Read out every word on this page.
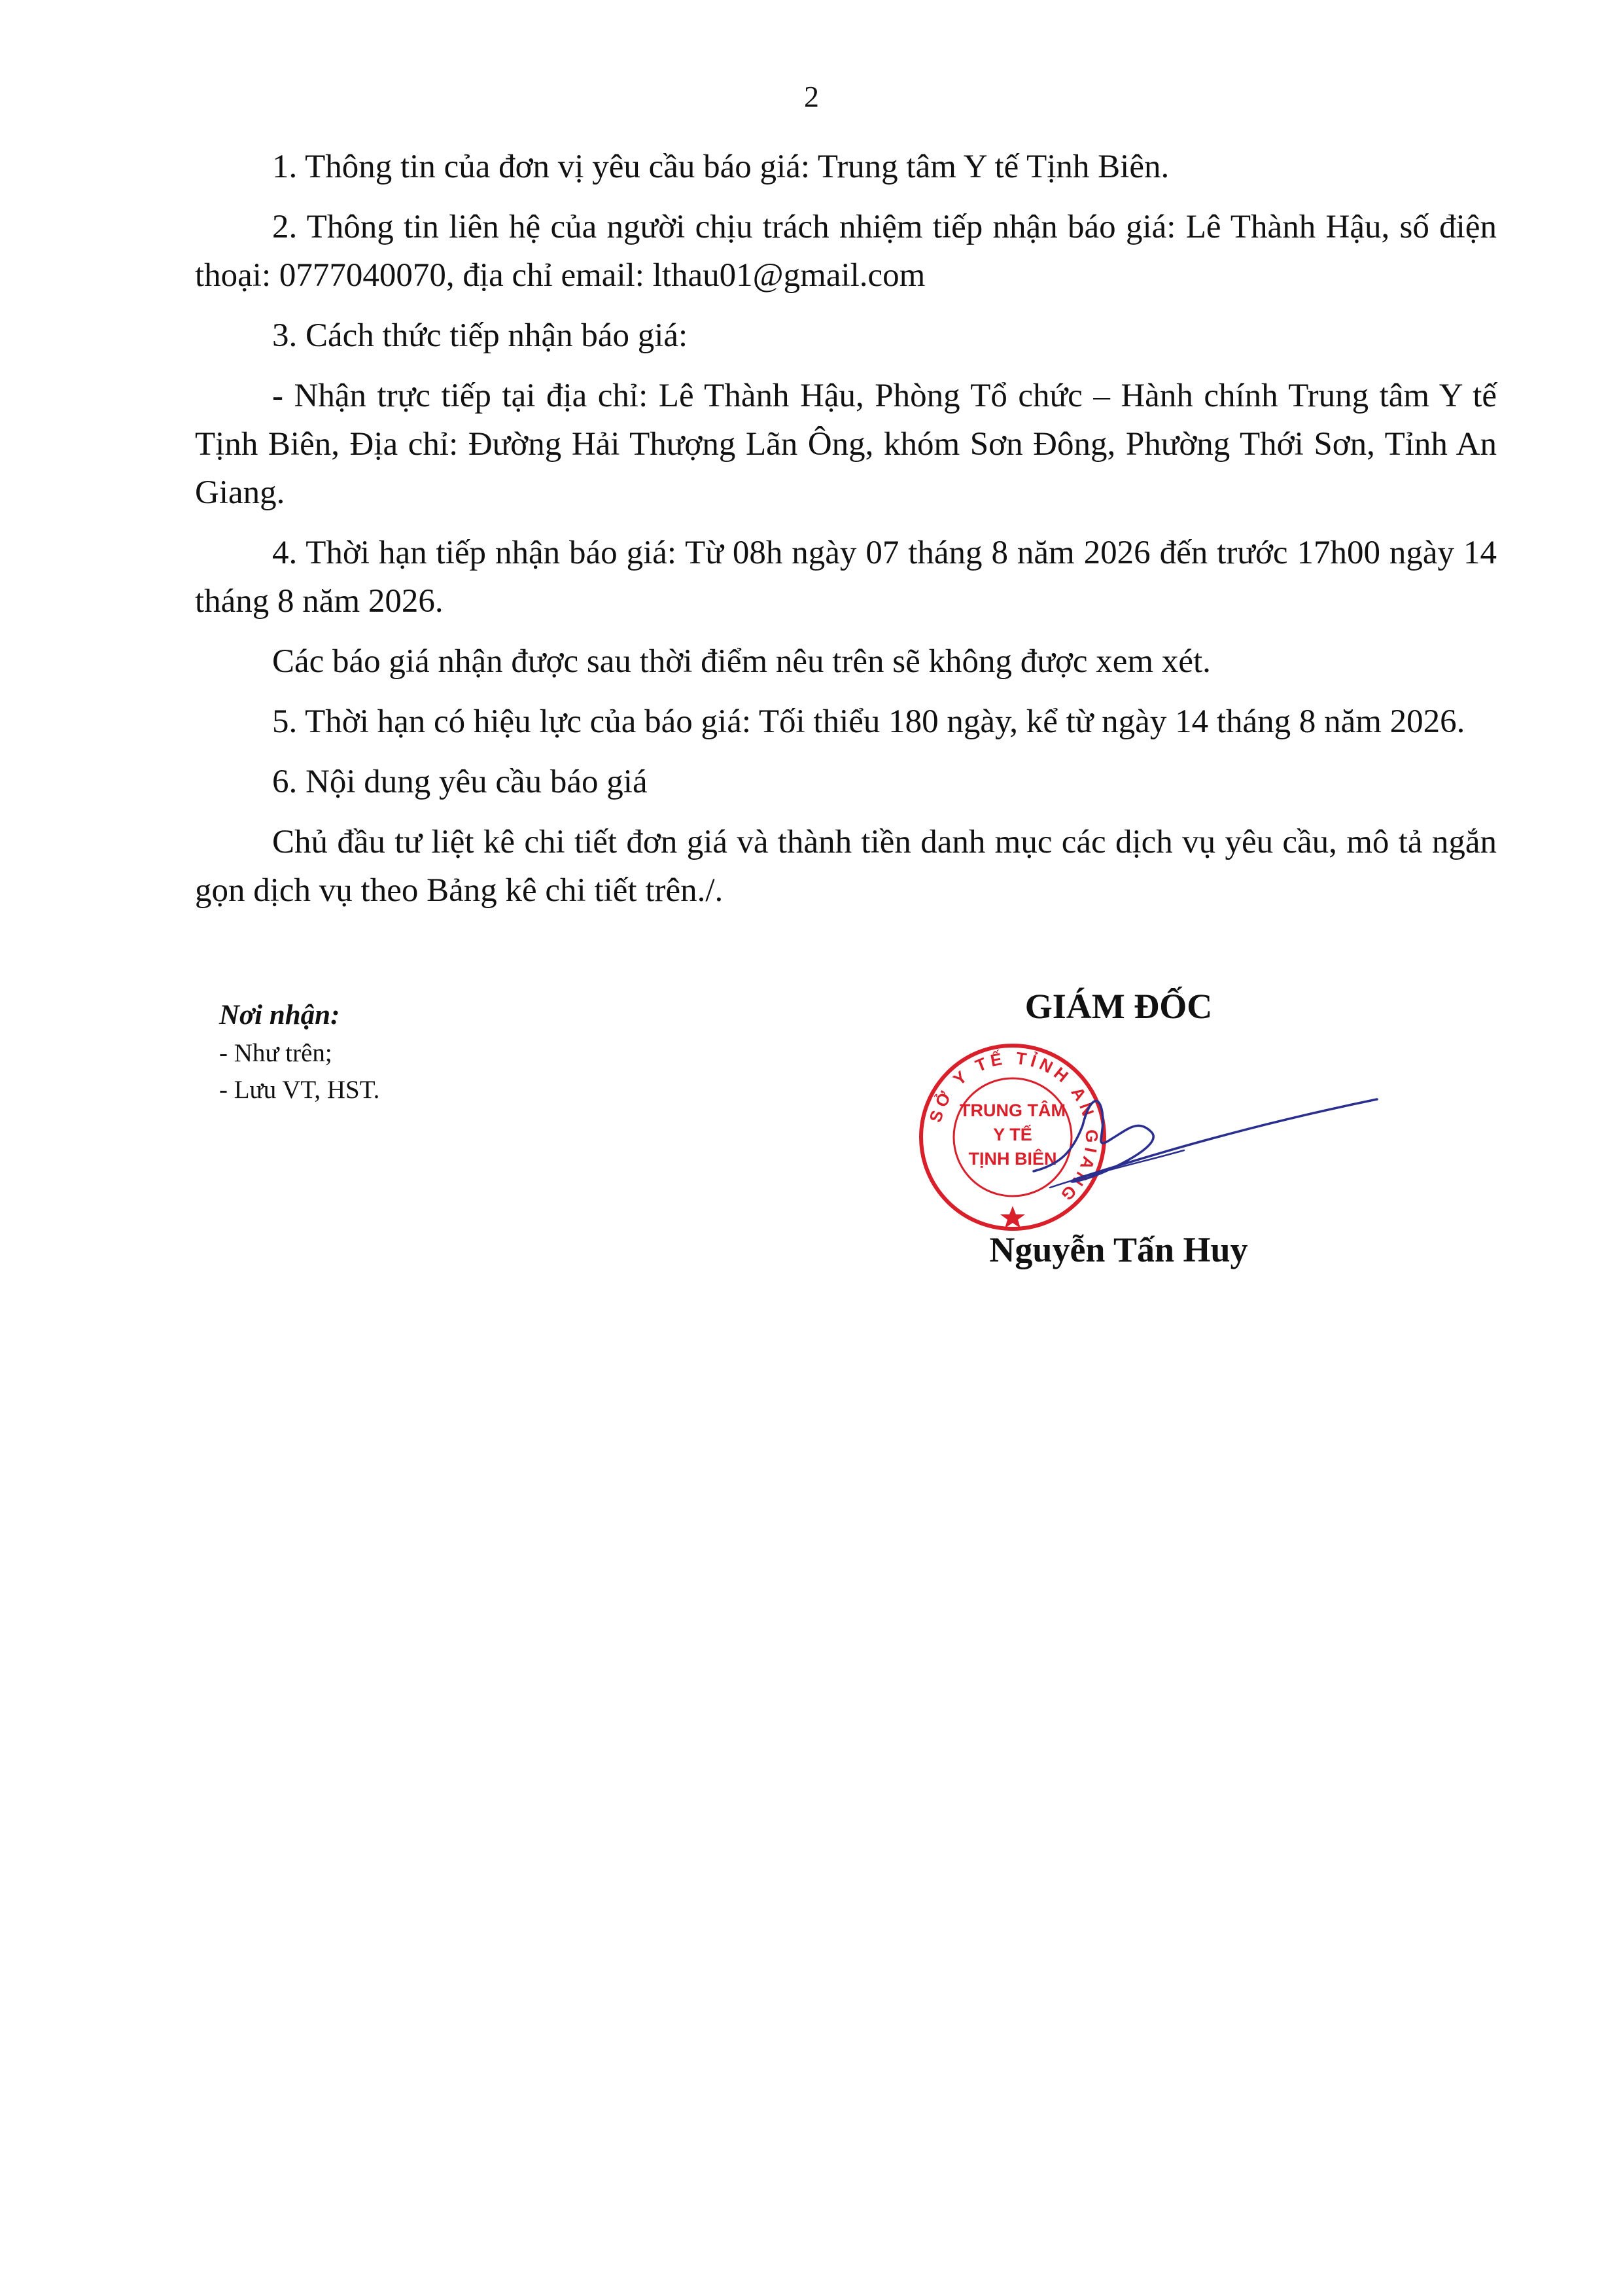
2

1. Thông tin của đơn vị yêu cầu báo giá: Trung tâm Y tế Tịnh Biên.

2. Thông tin liên hệ của người chịu trách nhiệm tiếp nhận báo giá: Lê Thành Hậu, số điện thoại: 0777040070, địa chỉ email: lthau01@gmail.com

3. Cách thức tiếp nhận báo giá:

- Nhận trực tiếp tại địa chỉ: Lê Thành Hậu, Phòng Tổ chức – Hành chính Trung tâm Y tế Tịnh Biên, Địa chỉ: Đường Hải Thượng Lãn Ông, khóm Sơn Đông, Phường Thới Sơn, Tỉnh An Giang.

4. Thời hạn tiếp nhận báo giá: Từ 08h ngày 07 tháng 8 năm 2026 đến trước 17h00 ngày 14 tháng 8 năm 2026.

Các báo giá nhận được sau thời điểm nêu trên sẽ không được xem xét.

5. Thời hạn có hiệu lực của báo giá: Tối thiểu 180 ngày, kể từ ngày 14 tháng 8 năm 2026.

6. Nội dung yêu cầu báo giá

Chủ đầu tư liệt kê chi tiết đơn giá và thành tiền danh mục các dịch vụ yêu cầu, mô tả ngắn gọn dịch vụ theo Bảng kê chi tiết trên./.

Nơi nhận:
- Như trên;
- Lưu VT, HST.
GIÁM ĐỐC
SỞ Y TẾ TỈNH AN GIANG
TRUNG TÂM
Y TẾ
TỊNH BIÊN
Nguyễn Tấn Huy
